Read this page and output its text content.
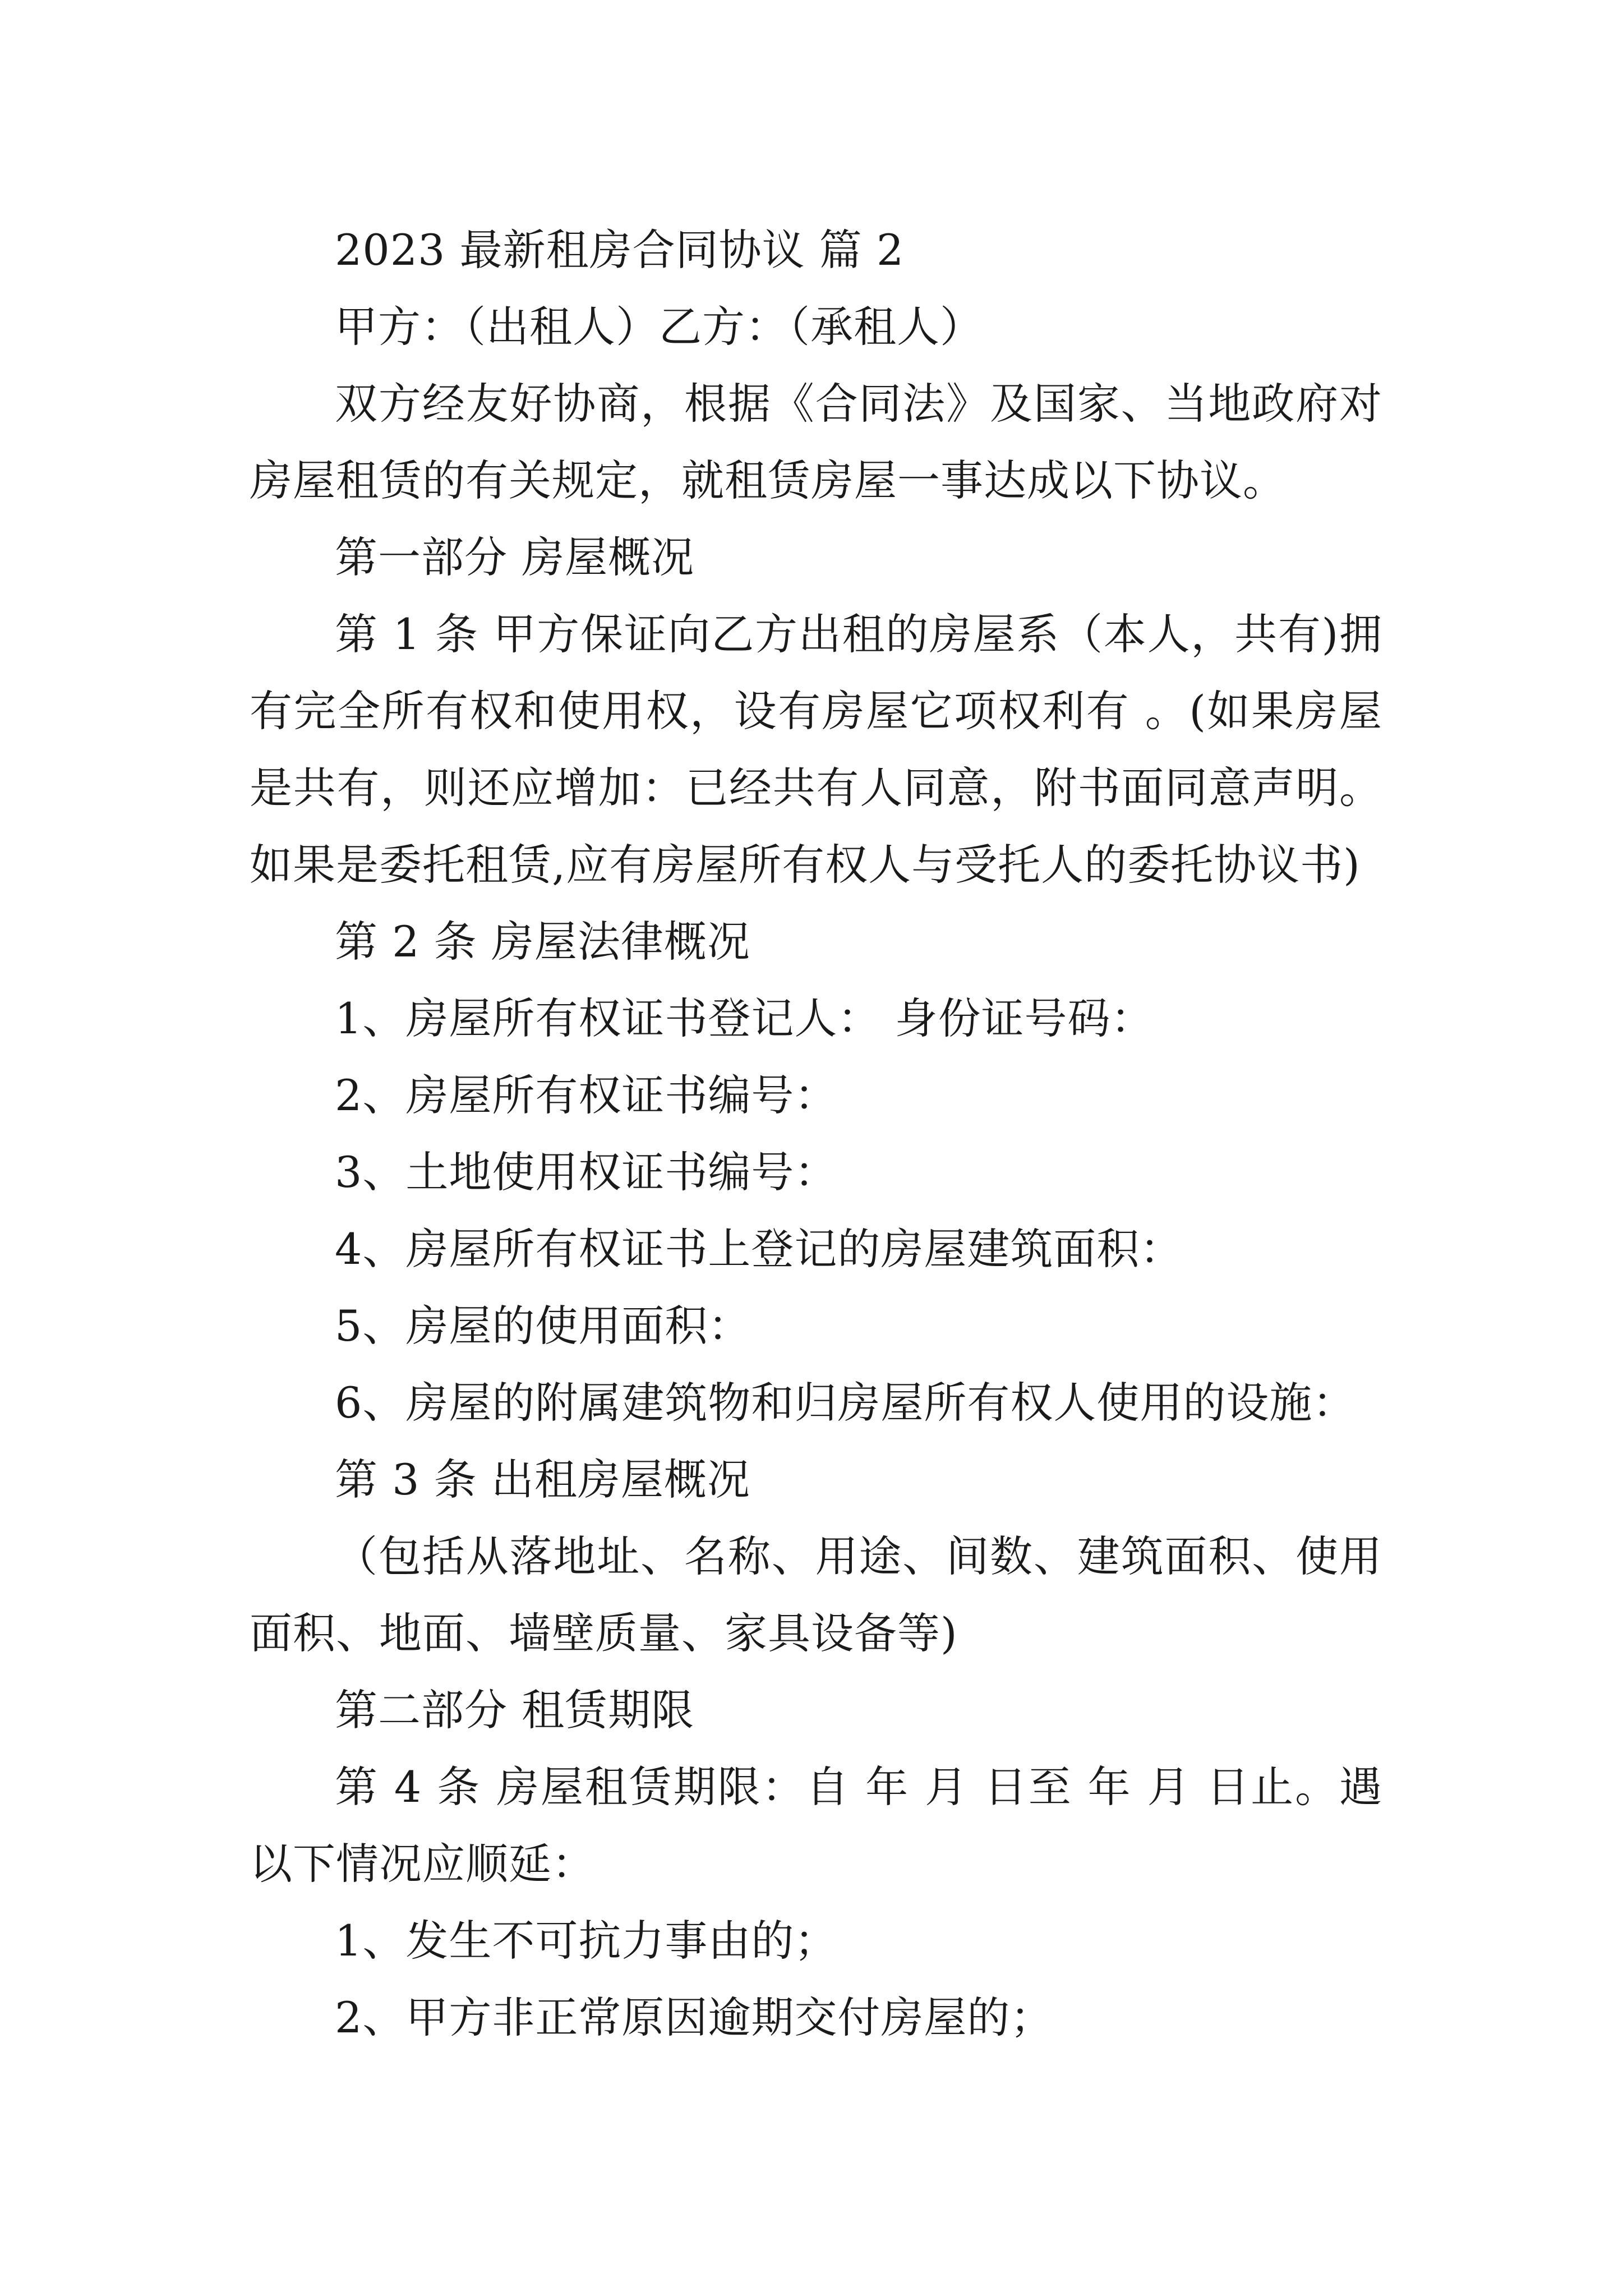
2023 最新租房合同协议 篇 2

甲方：（出租人）乙方：（承租人）

双方经友好协商，根据《合同法》及国家、当地政府对房屋租赁的有关规定，就租赁房屋一事达成以下协议。

第一部分 房屋概况

第 1 条 甲方保证向乙方出租的房屋系（本人，共有)拥有完全所有权和使用权，设有房屋它项权利有 。(如果房屋是共有，则还应增加：已经共有人同意，附书面同意声明。如果是委托租赁,应有房屋所有权人与受托人的委托协议书)

第 2 条 房屋法律概况

1、房屋所有权证书登记人： 身份证号码：

2、房屋所有权证书编号：

3、土地使用权证书编号：

4、房屋所有权证书上登记的房屋建筑面积：

5、房屋的使用面积：

6、房屋的附属建筑物和归房屋所有权人使用的设施：

第 3 条 出租房屋概况

（包括从落地址、名称、用途、间数、建筑面积、使用面积、地面、墙壁质量、家具设备等)

第二部分 租赁期限

第 4 条 房屋租赁期限：自 年 月 日至 年 月 日止。遇以下情况应顺延：

1、发生不可抗力事由的；

2、甲方非正常原因逾期交付房屋的；
